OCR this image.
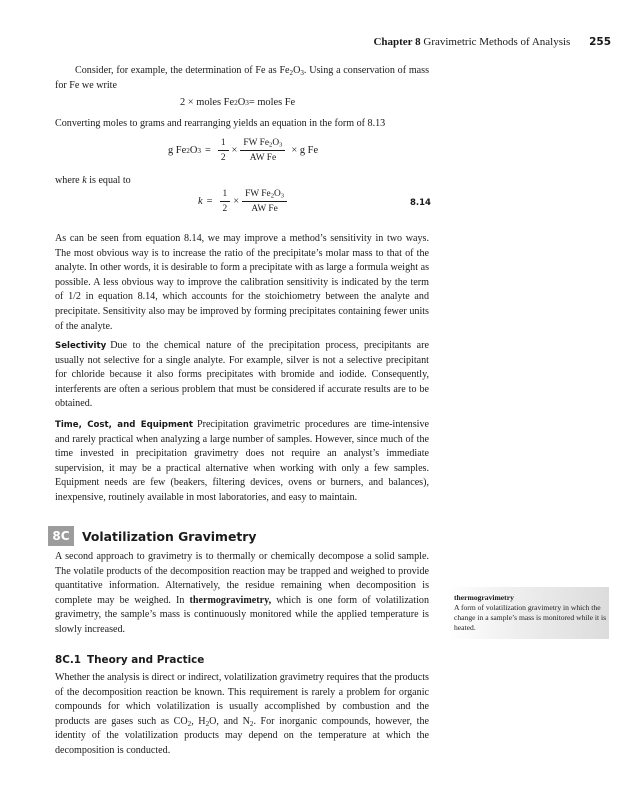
Chapter 8 Gravimetric Methods of Analysis 255

Consider, for example, the determination of Fe as $Fe_2O_3$. Using a conservation of mass for Fe we write

2 × moles Fe 2 O 3 = moles Fe

Converting moles to grams and rearranging yields an equation in the form of 8.13

g Fe 2 O $3 = \frac{1}{2} \times \frac{FW Fe_2O_3}{\text{AW Fe}} \times g$ Fe

where k is equal to

$k = \frac{1}{2} \times \frac{FW Fe_2O_3}{\text{AW Fe}}$	8.14

As can be seen from equation 8.14, we may improve a method’s sensitivity in two ways. The most obvious way is to increase the ratio of the precipitate’s molar mass to that of the analyte. In other words, it is desirable to form a precipitate with as large a formula weight as possible. A less obvious way to improve the calibration sensitivity is indicated by the term of 1/2 in equation 8.14, which accounts for the stoichiometry between the analyte and precipitate. Sensitivity also may be improved by forming precipitates containing fewer units of the analyte.

Selectivity Due to the chemical nature of the precipitation process, precipitants are usually not selective for a single analyte. For example, silver is not a selective precipitant for chloride because it also forms precipitates with bromide and iodide. Consequently, interferents are often a serious problem that must be considered if accurate results are to be obtained.

Time, Cost, and Equipment Precipitation gravimetric procedures are time-intensive and rarely practical when analyzing a large number of samples. However, since much of the time invested in precipitation gravimetry does not require an analyst’s immediate supervision, it may be a practical alternative when working with only a few samples. Equipment needs are few (beakers, filtering devices, ovens or burners, and balances), inexpensive, routinely available in most laboratories, and easy to maintain.

8C	Volatilization Gravimetry

A second approach to gravimetry is to thermally or chemically decompose a solid sample. The volatile products of the decomposition reaction may be trapped and weighed to provide quantitative information. Alternatively, the residue remaining when decomposition is complete may be weighed. In thermogravimetry, which is one form of volatilization gravimetry, the sample’s mass is continuously monitored while the applied temperature is slowly increased.

thermogravimetry
A form of volatilization gravimetry in which the change in a sample’s mass is monitored while it is heated.
8C.1 Theory and Practice

Whether the analysis is direct or indirect, volatilization gravimetry requires that the products of the decomposition reaction be known. This requirement is rarely a problem for organic compounds for which volatilization is usually accomplished by combustion and the products are gases such as $CO_2$, $H_2O$, and $N_2$. For inorganic compounds, however, the identity of the volatilization products may depend on the temperature at which the decomposition is conducted.
